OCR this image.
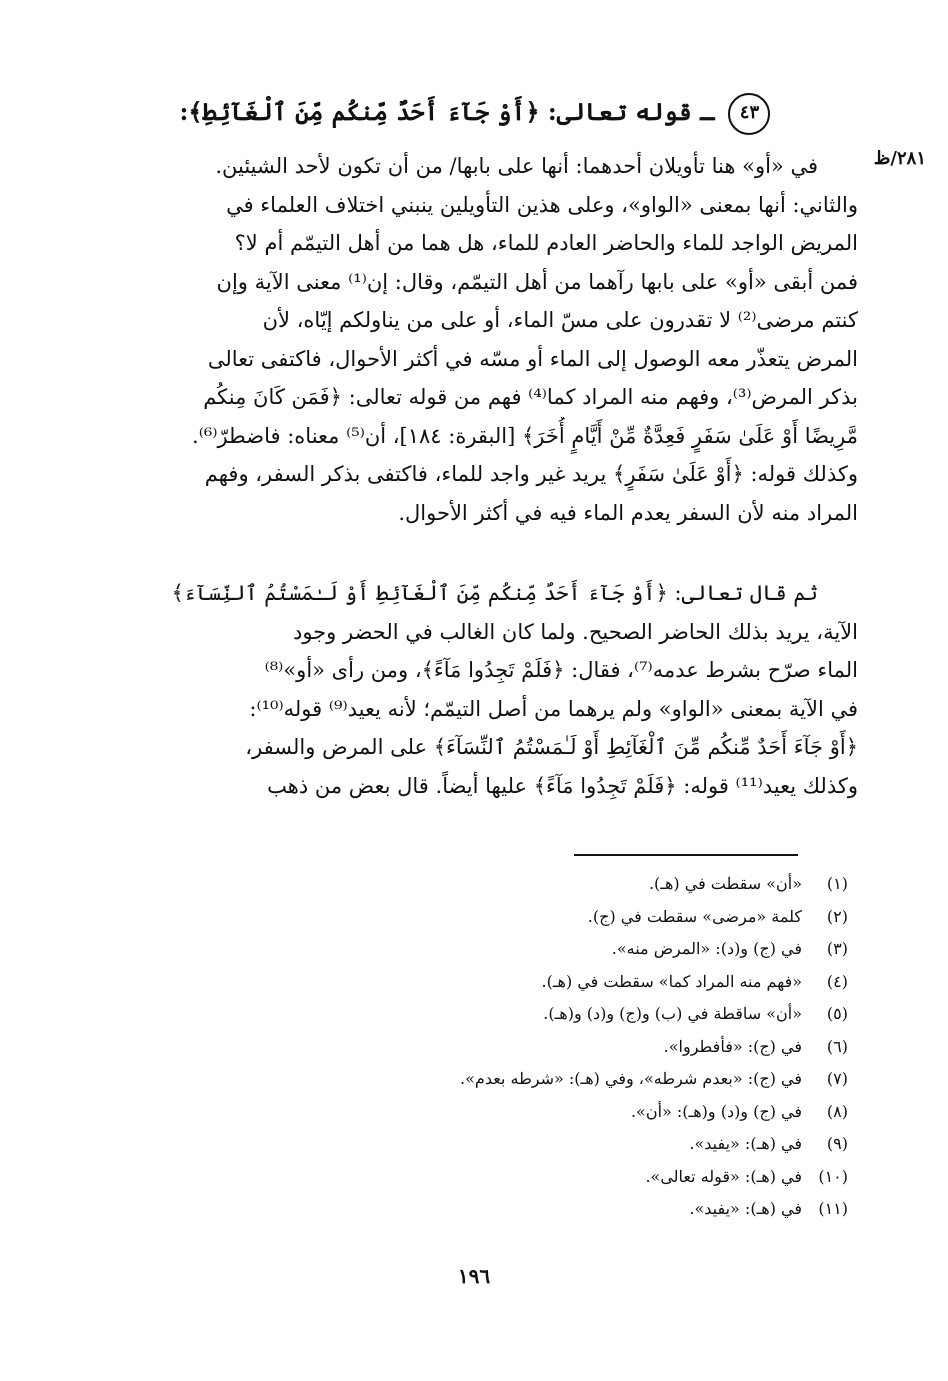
٤٣ ـ قوله تعالى: ﴿أَوْ جَآءَ أَحَدٌ مِّنكُم مِّنَ ٱلْغَآئِطِ﴾:
٢٨١/ظ
في «أو» هنا تأويلان أحدهما: أنها على بابها/ من أن تكون لأحد الشيئين.
والثاني: أنها بمعنى «الواو»، وعلى هذين التأويلين ينبني اختلاف العلماء في
المريض الواجد للماء والحاضر العادم للماء، هل هما من أهل التيمّم أم لا؟
فمن أبقى «أو» على بابها رآهما من أهل التيمّم، وقال: إن⁽¹⁾ معنى الآية وإن
كنتم مرضى⁽²⁾ لا تقدرون على مسّ الماء، أو على من يناولكم إيّاه، لأن
المرض يتعذّر معه الوصول إلى الماء أو مسّه في أكثر الأحوال، فاكتفى تعالى
بذكر المرض⁽³⁾، وفهم منه المراد كما⁽⁴⁾ فهم من قوله تعالى: ﴿فَمَن كَانَ مِنكُم
مَّرِيضًا أَوْ عَلَىٰ سَفَرٍ فَعِدَّةٌ مِّنْ أَيَّامٍ أُخَرَ﴾ [البقرة: ١٨٤]، أن⁽⁵⁾ معناه: فاضطرّ⁽⁶⁾.
وكذلك قوله: ﴿أَوْ عَلَىٰ سَفَرٍ﴾ يريد غير واجد للماء، فاكتفى بذكر السفر، وفهم
المراد منه لأن السفر يعدم الماء فيه في أكثر الأحوال.
ثم قال تعالى: ﴿أَوْ جَآءَ أَحَدٌ مِّنكُم مِّنَ ٱلْغَآئِطِ أَوْ لَـٰمَسْتُمُ ٱلنِّسَآءَ﴾
الآية، يريد بذلك الحاضر الصحيح. ولما كان الغالب في الحضر وجود
الماء صرّح بشرط عدمه⁽⁷⁾، فقال: ﴿فَلَمْ تَجِدُوا مَآءً﴾، ومن رأى «أو»⁽⁸⁾
في الآية بمعنى «الواو» ولم يرهما من أصل التيمّم؛ لأنه يعيد⁽⁹⁾ قوله⁽¹⁰⁾:
﴿أَوْ جَآءَ أَحَدٌ مِّنكُم مِّنَ ٱلْغَآئِطِ أَوْ لَـٰمَسْتُمُ ٱلنِّسَآءَ﴾ على المرض والسفر،
وكذلك يعيد⁽¹¹⁾ قوله: ﴿فَلَمْ تَجِدُوا مَآءً﴾ عليها أيضاً. قال بعض من ذهب
(١)«أن» سقطت في (هـ).
(٢)كلمة «مرضى» سقطت في (ج).
(٣)في (ج) و(د): «المرض منه».
(٤)«فهم منه المراد كما» سقطت في (هـ).
(٥)«أن» ساقطة في (ب) و(ج) و(د) و(هـ).
(٦)في (ج): «فأفطروا».
(٧)في (ج): «بعدم شرطه»، وفي (هـ): «شرطه بعدم».
(٨)في (ج) و(د) و(هـ): «أن».
(٩)في (هـ): «يفيد».
(١٠)في (هـ): «قوله تعالى».
(١١)في (هـ): «يفيد».
١٩٦
